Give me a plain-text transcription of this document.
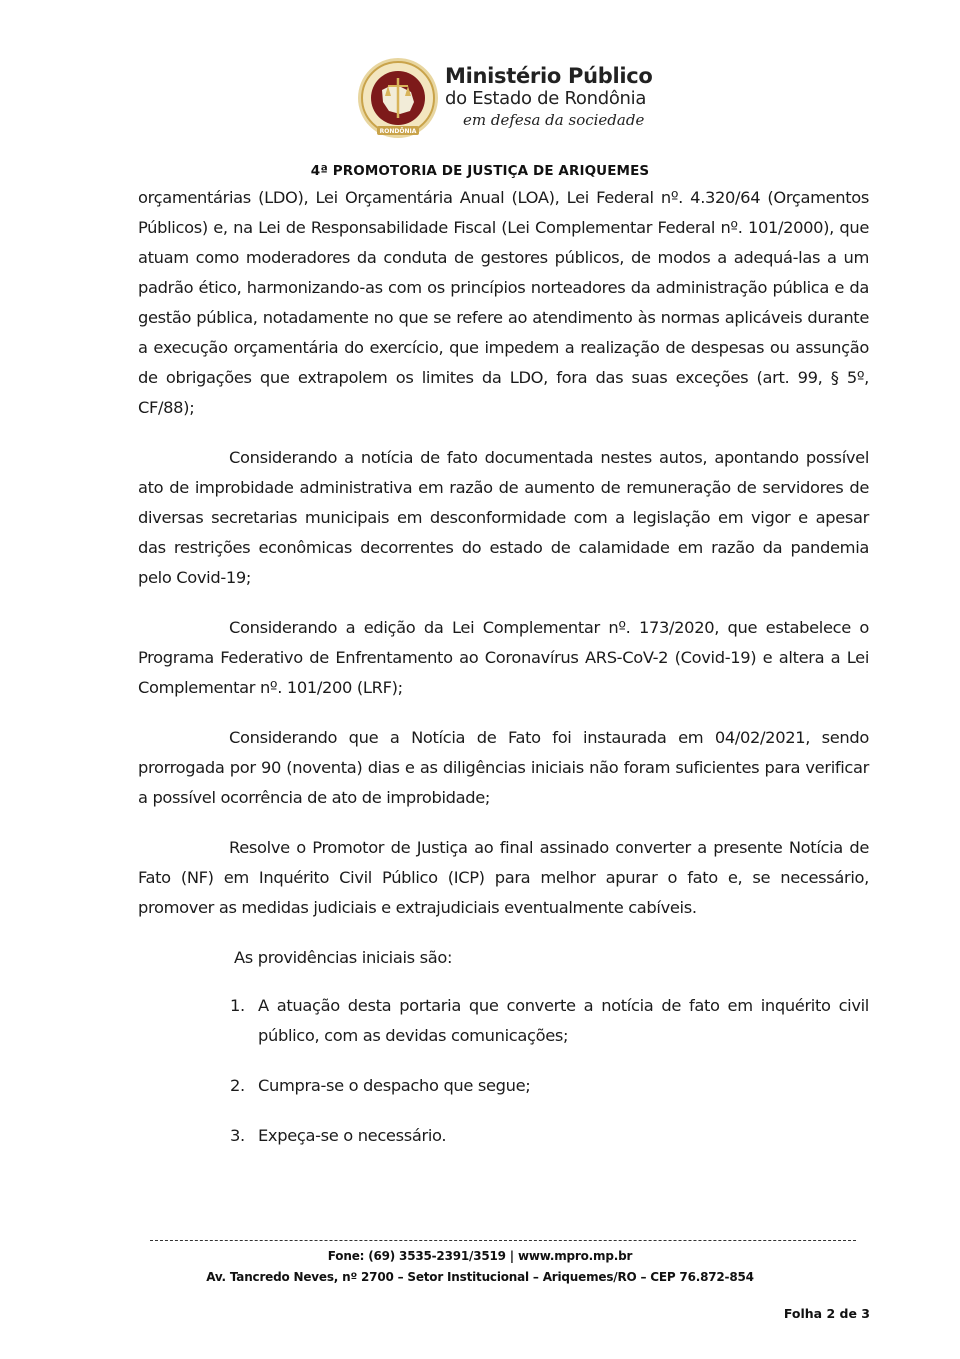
RONDÔNIA
Ministério Público
do Estado de Rondônia
em defesa da sociedade
4ª PROMOTORIA DE JUSTIÇA DE ARIQUEMES

orçamentárias (LDO), Lei Orçamentária Anual (LOA), Lei Federal nº. 4.320/64 (Orçamentos Públicos) e, na Lei de Responsabilidade Fiscal (Lei Complementar Federal nº. 101/2000), que atuam como moderadores da conduta de gestores públicos, de modos a adequá-las a um padrão ético, harmonizando-as com os princípios norteadores da administração pública e da gestão pública, notadamente no que se refere ao atendimento às normas aplicáveis durante a execução orçamentária do exercício, que impedem a realização de despesas ou assunção de obrigações que extrapolem os limites da LDO, fora das suas exceções (art. 99, § 5º, CF/88);

Considerando a notícia de fato documentada nestes autos, apontando possível ato de improbidade administrativa em razão de aumento de remuneração de servidores de diversas secretarias municipais em desconformidade com a legislação em vigor e apesar das restrições econômicas decorrentes do estado de calamidade em razão da pandemia pelo Covid-19;

Considerando a edição da Lei Complementar nº. 173/2020, que estabelece o Programa Federativo de Enfrentamento ao Coronavírus ARS-CoV-2 (Covid-19) e altera a Lei Complementar nº. 101/200 (LRF);

Considerando que a Notícia de Fato foi instaurada em 04/02/2021, sendo prorrogada por 90 (noventa) dias e as diligências iniciais não foram suficientes para verificar a possível ocorrência de ato de improbidade;

Resolve o Promotor de Justiça ao final assinado converter a presente Notícia de Fato (NF) em Inquérito Civil Público (ICP) para melhor apurar o fato e, se necessário, promover as medidas judiciais e extrajudiciais eventualmente cabíveis.

As providências iniciais são:

1. A atuação desta portaria que converte a notícia de fato em inquérito civil público, com as devidas comunicações;
2. Cumpra-se o despacho que segue;
3. Expeça-se o necessário.
Fone: (69) 3535-2391/3519 | www.mpro.mp.br
Av. Tancredo Neves, nº 2700 – Setor Institucional – Ariquemes/RO – CEP 76.872-854
Folha 2 de 3
